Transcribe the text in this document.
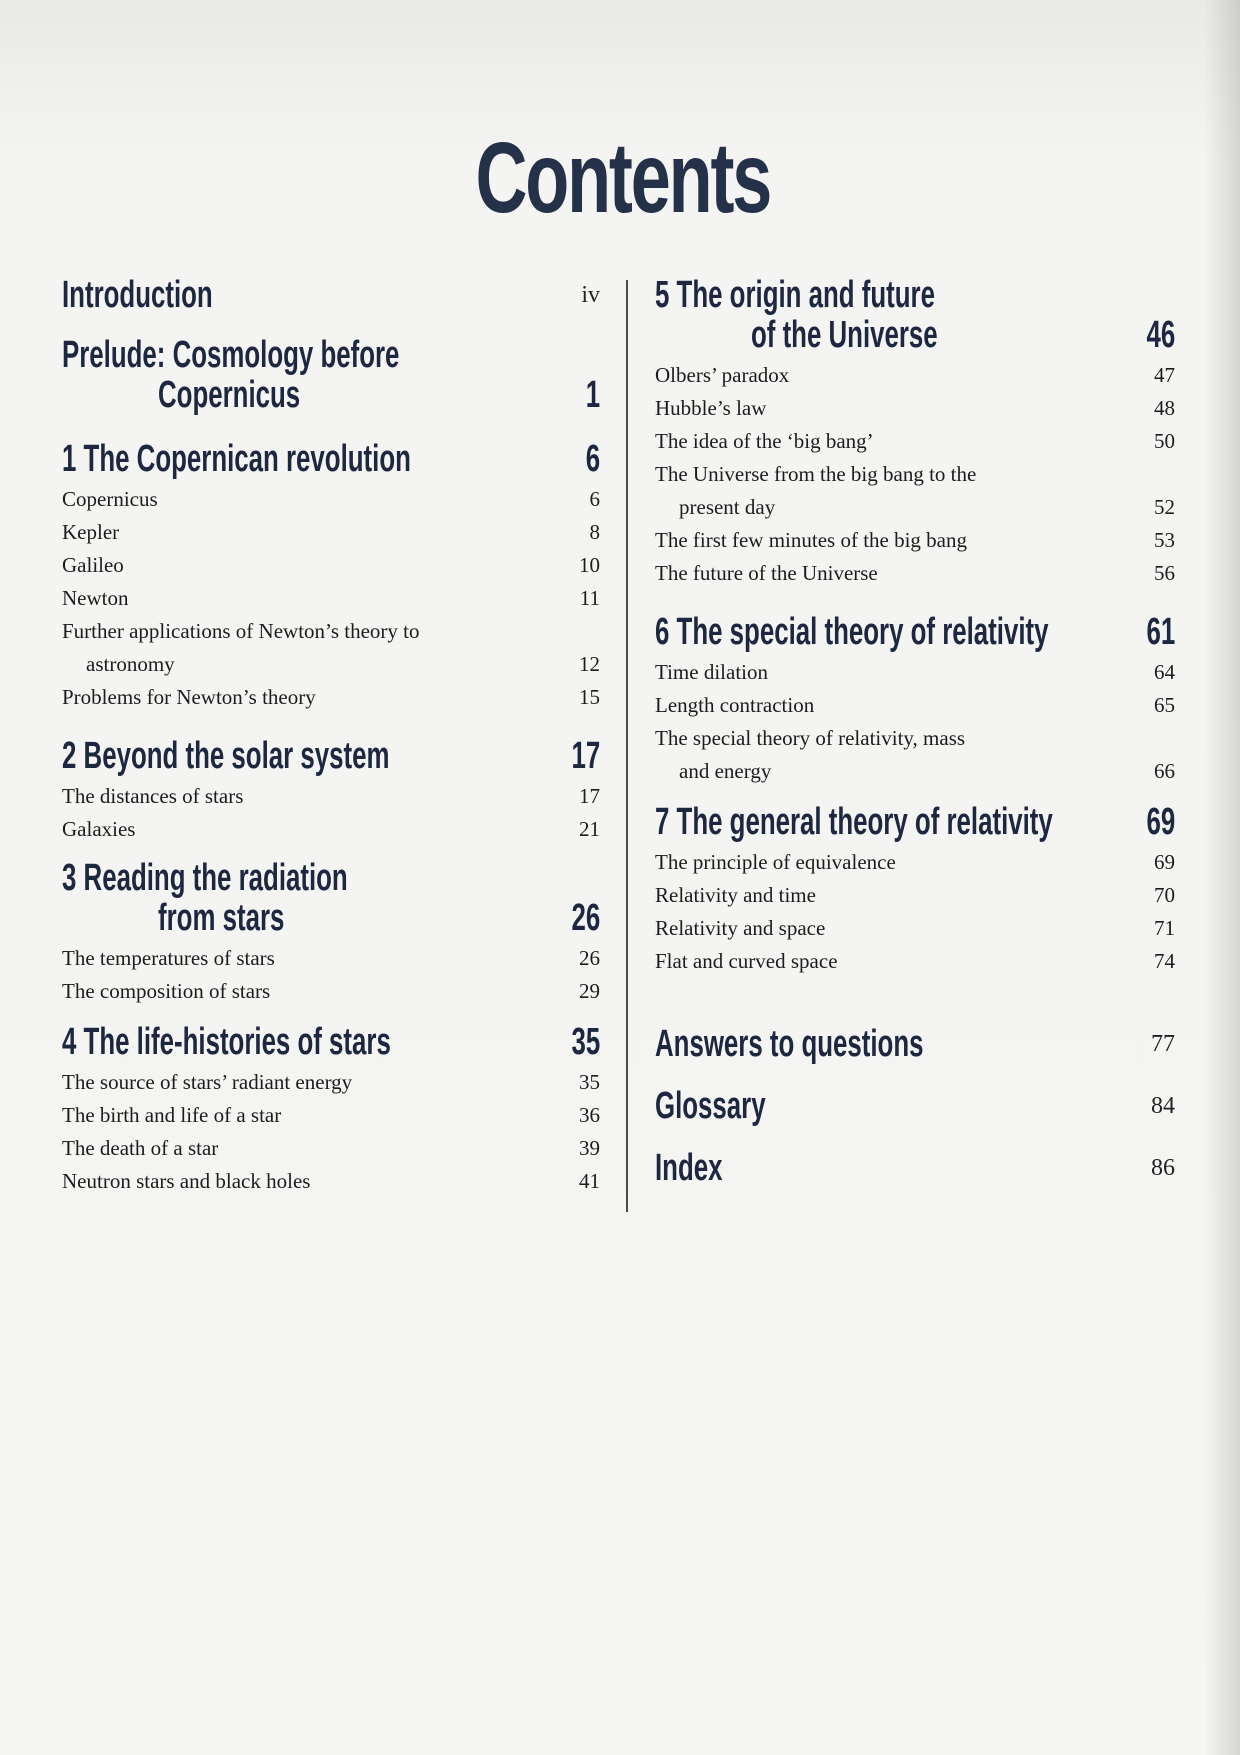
Contents
Introduction	iv
Prelude: Cosmology before
Copernicus	1
1 The Copernican revolution	6
Copernicus	6
Kepler	8
Galileo	10
Newton	11
Further applications of Newton’s theory to
astronomy	12
Problems for Newton’s theory	15
2 Beyond the solar system	17
The distances of stars	17
Galaxies	21
3 Reading the radiation
from stars	26
The temperatures of stars	26
The composition of stars	29
4 The life-histories of stars	35
The source of stars’ radiant energy	35
The birth and life of a star	36
The death of a star	39
Neutron stars and black holes	41
5 The origin and future
of the Universe	46
Olbers’ paradox	47
Hubble’s law	48
The idea of the ‘big bang’	50
The Universe from the big bang to the
present day	52
The first few minutes of the big bang	53
The future of the Universe	56
6 The special theory of relativity	61
Time dilation	64
Length contraction	65
The special theory of relativity, mass
and energy	66
7 The general theory of relativity	69
The principle of equivalence	69
Relativity and time	70
Relativity and space	71
Flat and curved space	74
Answers to questions	77
Glossary	84
Index	86
